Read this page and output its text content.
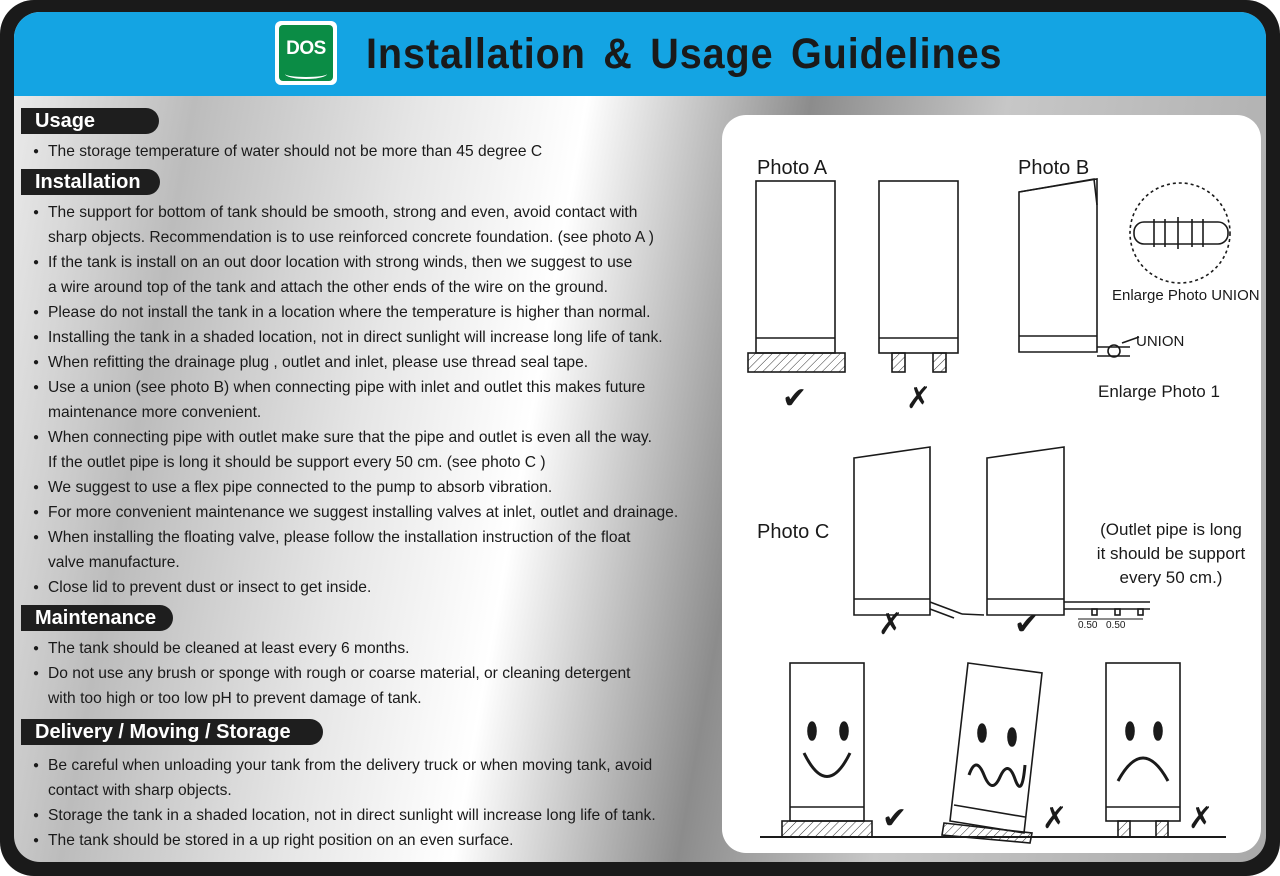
DOS Installation & Usage Guidelines
Usage
● The storage temperature of water should not be more than 45 degree C
Installation
● The support for bottom of tank should be smooth, strong and even, avoid contact with
sharp objects. Recommendation is to use reinforced concrete foundation. (see photo A )
● If the tank is install on an out door location with strong winds, then we suggest to use
a wire around top of the tank and attach the other ends of the wire on the ground.
● Please do not install the tank in a location where the temperature is higher than normal.
● Installing the tank in a shaded location, not in direct sunlight will increase long life of tank.
● When refitting the drainage plug , outlet and inlet, please use thread seal tape.
● Use a union (see photo B) when connecting pipe with inlet and outlet this makes future
maintenance more convenient.
● When connecting pipe with outlet make sure that the pipe and outlet is even all the way.
If the outlet pipe is long it should be support every 50 cm. (see photo C )
● We suggest to use a flex pipe connected to the pump to absorb vibration.
● For more convenient maintenance we suggest installing valves at inlet, outlet and drainage.
● When installing the floating valve, please follow the installation instruction of the float
valve manufacture.
● Close lid to prevent dust or insect to get inside.
Maintenance
● The tank should be cleaned at least every 6 months.
● Do not use any brush or sponge with rough or coarse material, or cleaning detergent
with too high or too low pH to prevent damage of tank.
Delivery / Moving / Storage
● Be careful when unloading your tank from the delivery truck or when moving tank, avoid
contact with sharp objects.
● Storage the tank in a shaded location, not in direct sunlight will increase long life of tank.
● The tank should be stored in a up right position on an even surface.
Photo A	Photo B
Photo C
Enlarge Photo UNION
UNION
Enlarge Photo 1
(Outlet pipe is long
it should be support
every 50 cm.)
0.50 0.50
✔	✗
✗	✔
✔	✗	✗
